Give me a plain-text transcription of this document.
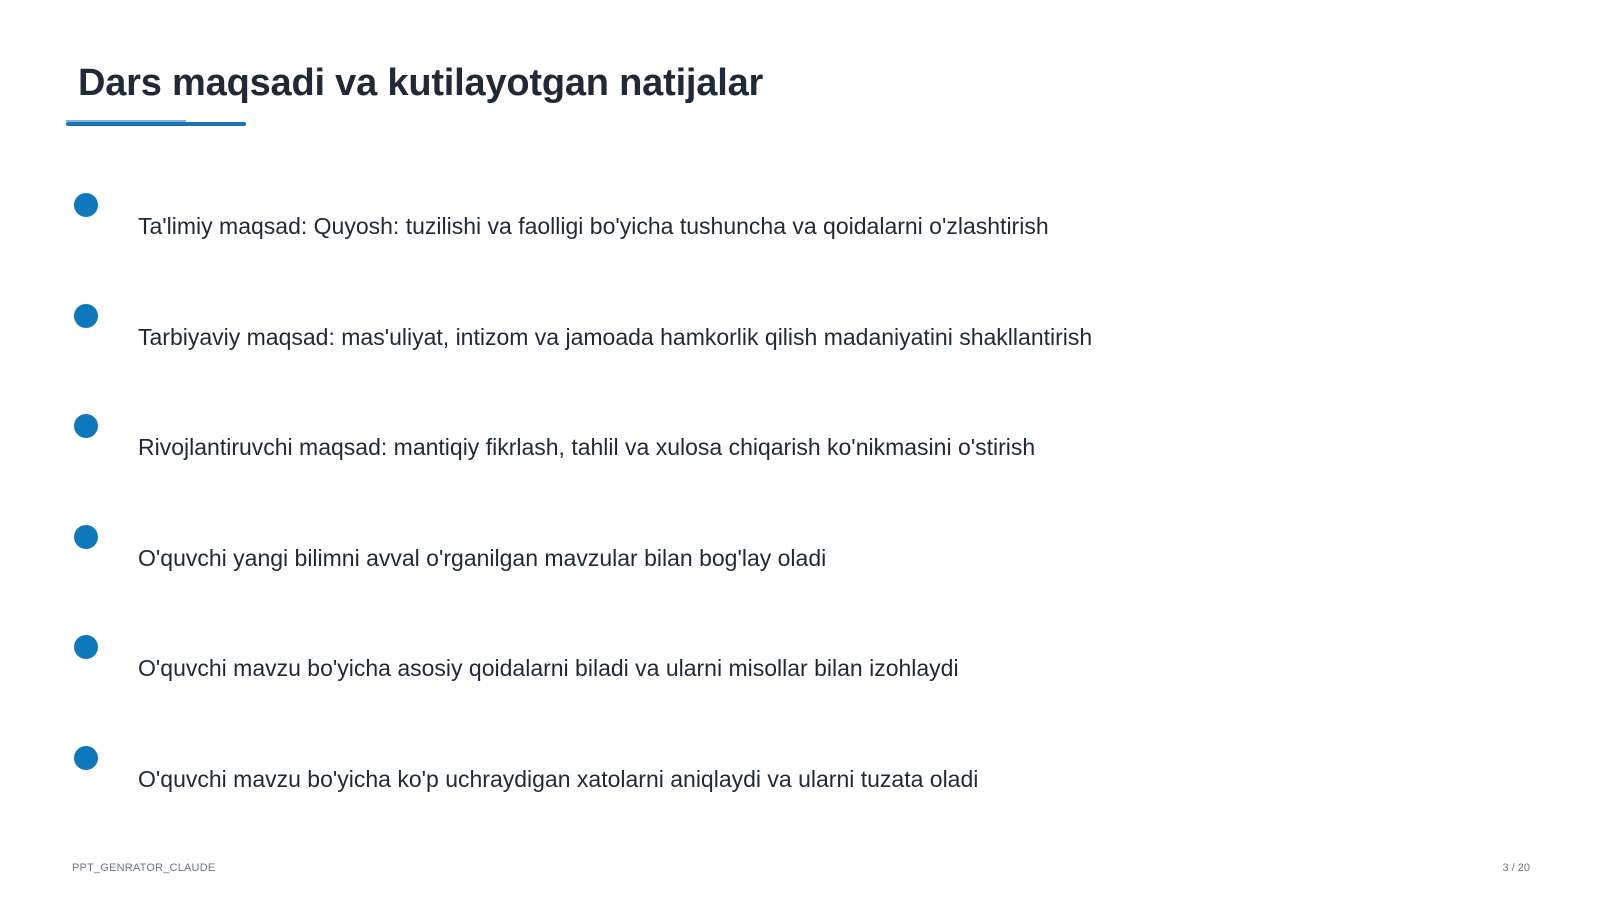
Dars maqsadi va kutilayotgan natijalar
Ta'limiy maqsad: Quyosh: tuzilishi va faolligi bo'yicha tushuncha va qoidalarni o'zlashtirish
Tarbiyaviy maqsad: mas'uliyat, intizom va jamoada hamkorlik qilish madaniyatini shakllantirish
Rivojlantiruvchi maqsad: mantiqiy fikrlash, tahlil va xulosa chiqarish ko'nikmasini o'stirish
O'quvchi yangi bilimni avval o'rganilgan mavzular bilan bog'lay oladi
O'quvchi mavzu bo'yicha asosiy qoidalarni biladi va ularni misollar bilan izohlaydi
O'quvchi mavzu bo'yicha ko'p uchraydigan xatolarni aniqlaydi va ularni tuzata oladi
PPT_GENRATOR_CLAUDE	3 / 20
